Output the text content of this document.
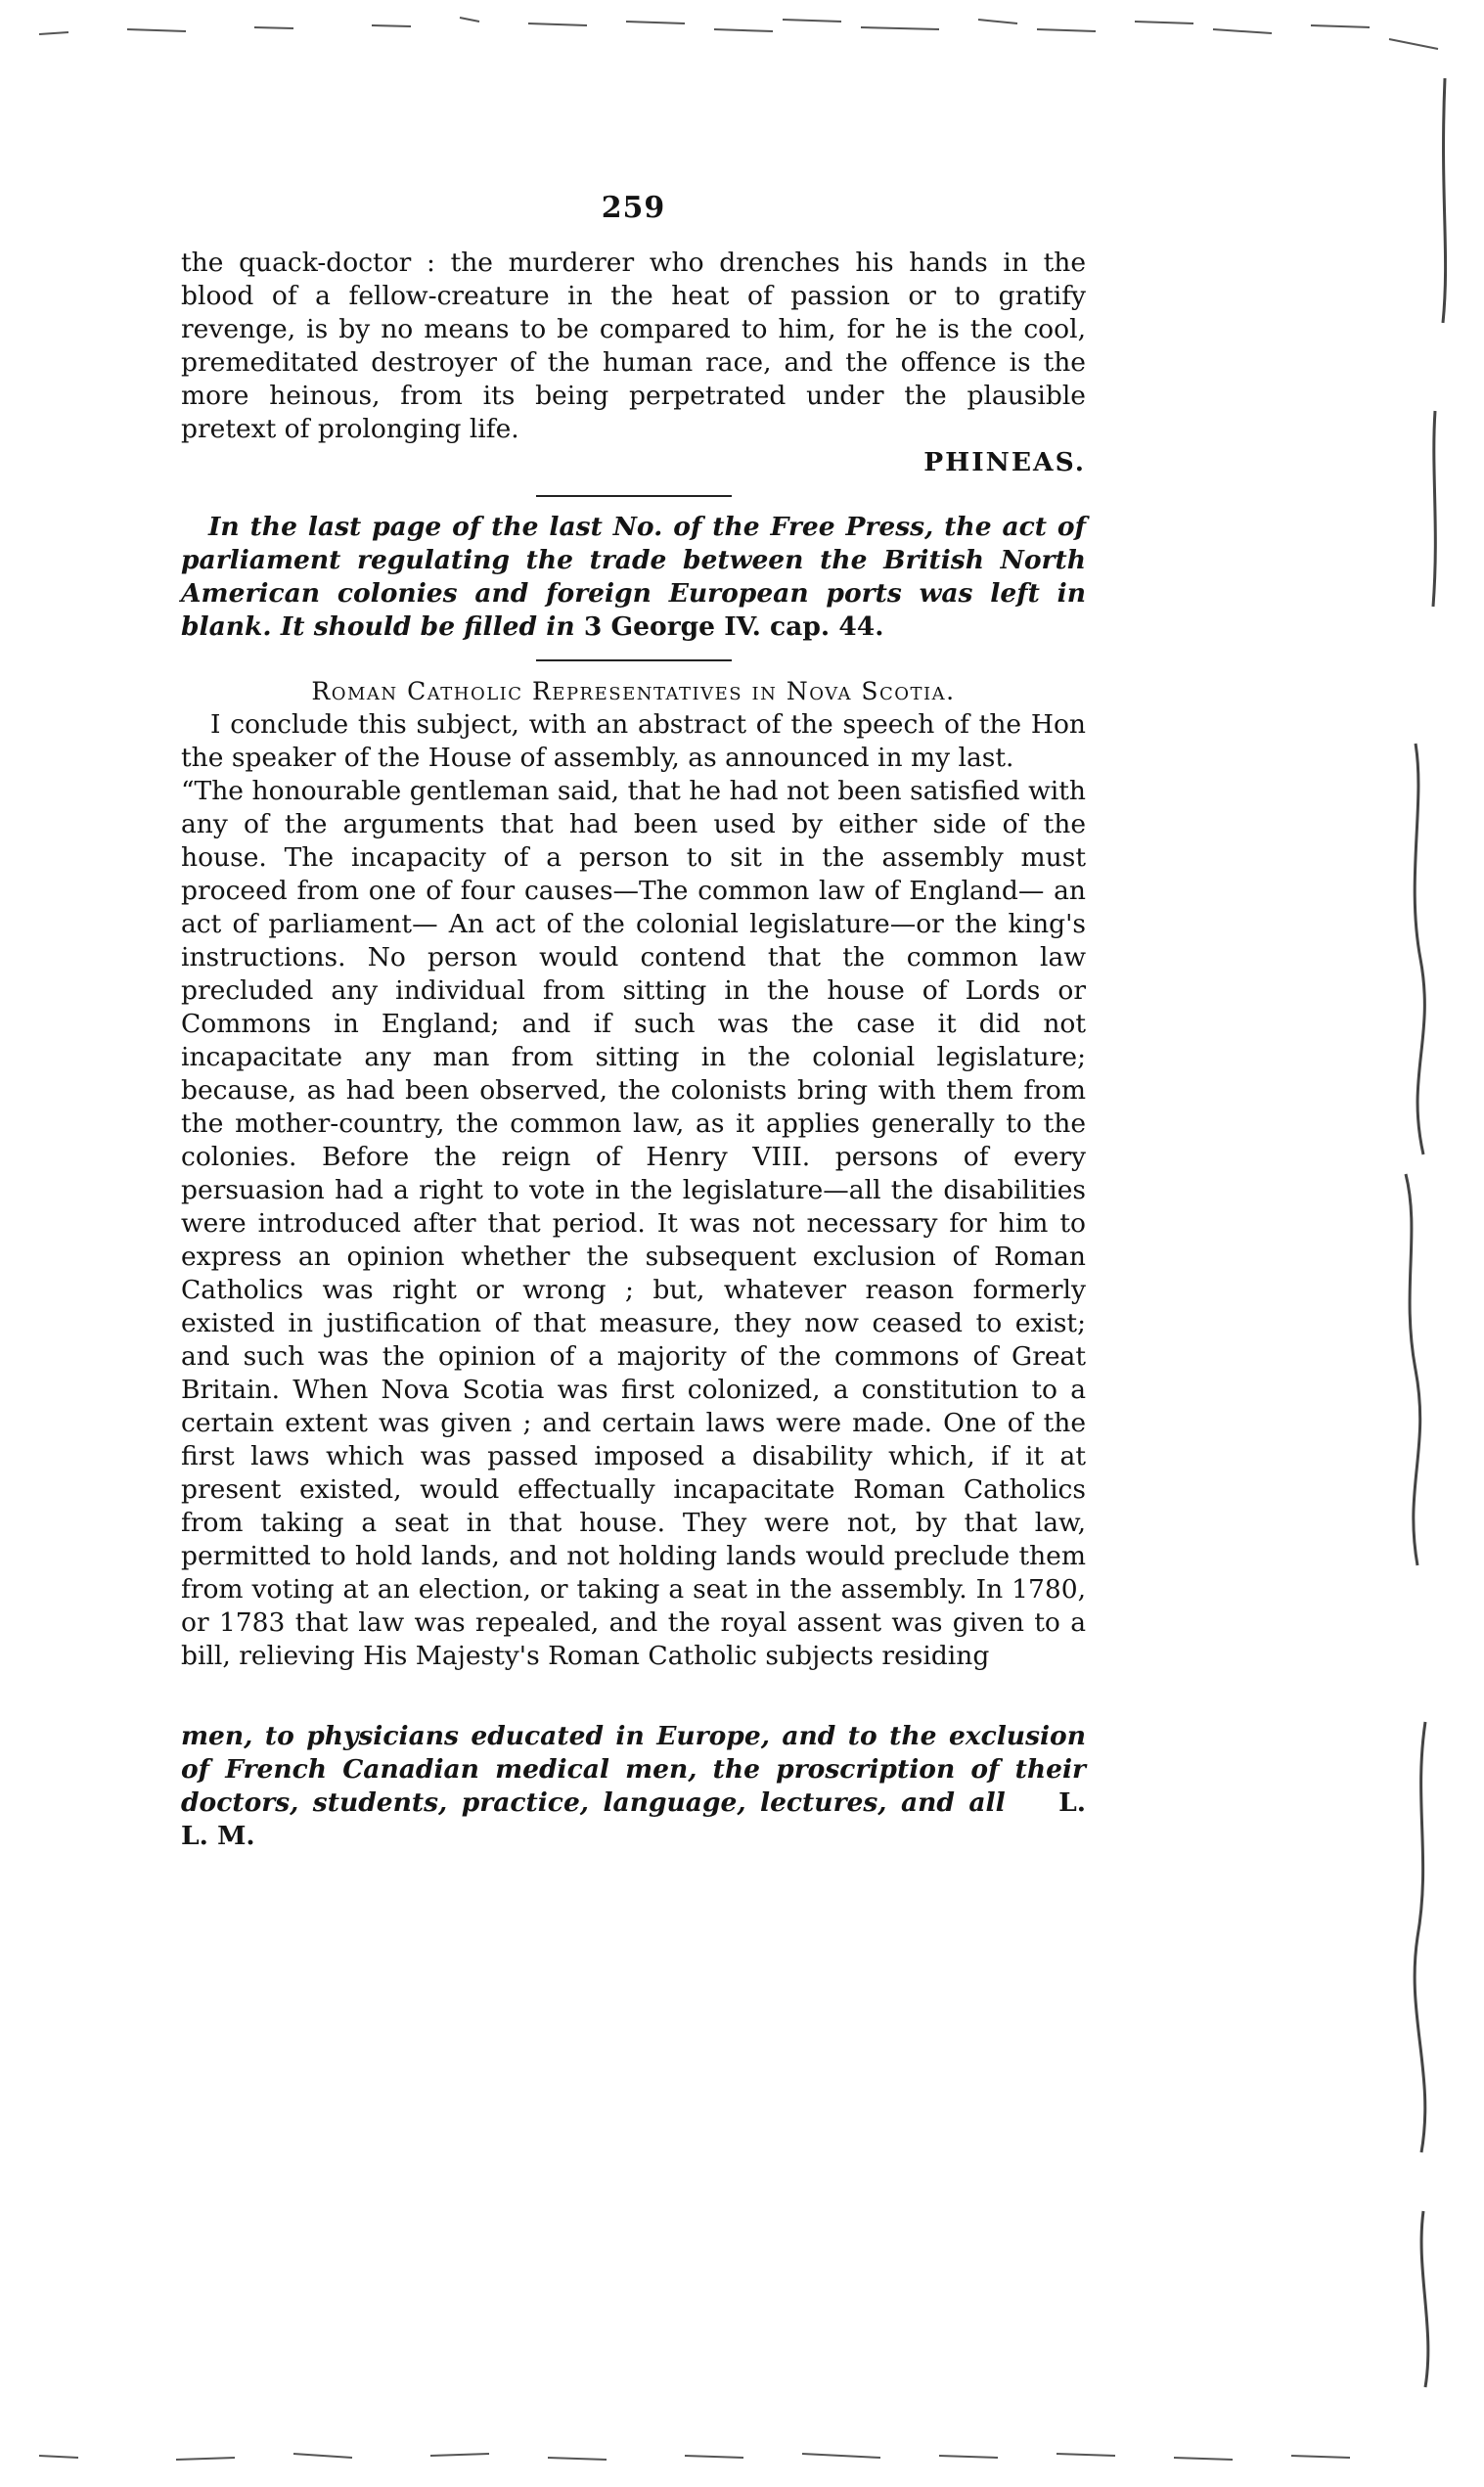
259

the quack-doctor : the murderer who drenches his hands in the blood of a fellow-creature in the heat of passion or to gratify revenge, is by no means to be compared to him, for he is the cool, premeditated destroyer of the human race, and the offence is the more heinous, from its being perpetrated under the plausible pretext of prolonging life.

PHINEAS.

In the last page of the last No. of the Free Press, the act of parliament regulating the trade between the British North American colonies and foreign European ports was left in blank. It should be filled in 3 George IV. cap. 44.

Roman Catholic Representatives in Nova Scotia.

I conclude this subject, with an abstract of the speech of the Hon the speaker of the House of assembly, as announced in my last.

“The honourable gentleman said, that he had not been satisfied with any of the arguments that had been used by either side of the house. The incapacity of a person to sit in the assembly must proceed from one of four causes—The common law of England— an act of parliament— An act of the colonial legislature—or the king's instructions. No person would contend that the common law precluded any individual from sitting in the house of Lords or Commons in England; and if such was the case it did not incapacitate any man from sitting in the colonial legislature; because, as had been observed, the colonists bring with them from the mother-country, the common law, as it applies generally to the colonies. Before the reign of Henry VIII. persons of every persuasion had a right to vote in the legislature—all the disabilities were introduced after that period. It was not necessary for him to express an opinion whether the subsequent exclusion of Roman Catholics was right or wrong ; but, whatever reason formerly existed in justification of that measure, they now ceased to exist; and such was the opinion of a majority of the commons of Great Britain. When Nova Scotia was first colonized, a constitution to a certain extent was given ; and certain laws were made. One of the first laws which was passed imposed a disability which, if it at present existed, would effectually incapacitate Roman Catholics from taking a seat in that house. They were not, by that law, permitted to hold lands, and not holding lands would preclude them from voting at an election, or taking a seat in the assembly. In 1780, or 1783 that law was repealed, and the royal assent was given to a bill, relieving His Majesty's Roman Catholic subjects residing

men, to physicians educated in Europe, and to the exclusion of French Canadian medical men, the proscription of their doctors, students, practice, language, lectures, and all L. L. M.
